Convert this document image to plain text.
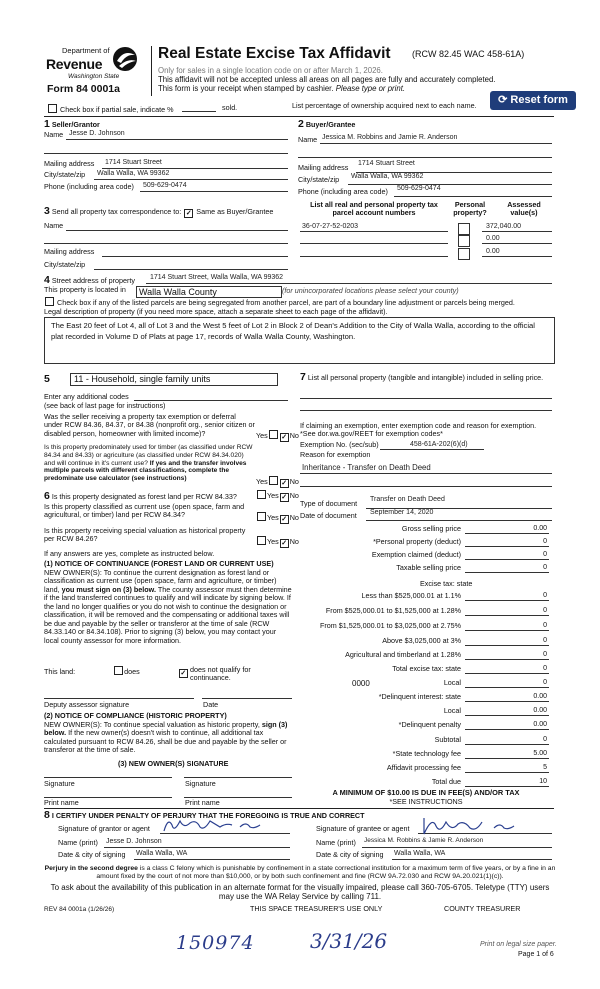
Department of
Revenue
Washington State
Form 84 0001a
Real Estate Excise Tax Affidavit (RCW 82.45 WAC 458-61A)
Only for sales in a single location code on or after March 1, 2026.
This affidavit will not be accepted unless all areas on all pages are fully and accurately completed.
This form is your receipt when stamped by cashier. Please type or print.
Check box if partial sale, indicate %	sold.	List percentage of ownership acquired next to each name.	⟳ Reset form
1 Seller/Grantor
Name Jesse D. Johnson
Mailing address 1714 Stuart Street
City/state/zip Walla Walla, WA 99362
Phone (including area code) 509-629-0474
2 Buyer/Grantee
Name Jessica M. Robbins and Jamie R. Anderson
Mailing address 1714 Stuart Street
City/state/zip Walla Walla, WA 99362
Phone (including area code) 509-629-0474
3 Send all property tax correspondence to: ✓ Same as Buyer/Grantee
Name
Mailing address
City/state/zip
List all real and personal property tax parcel account numbers
Personal property?
Assessed value(s)
36-07-27-52-0203	372,040.00
0.00
0.00
4 Street address of property 1714 Stuart Street, Walla Walla, WA 99362
This property is located in	Walla Walla County	(for unincorporated locations please select your county)
Check box if any of the listed parcels are being segregated from another parcel, are part of a boundary line adjustment or parcels being merged.
Legal description of property (if you need more space, attach a separate sheet to each page of the affidavit).
The East 20 feet of Lot 4, all of Lot 3 and the West 5 feet of Lot 2 in Block 2 of Dean's Addition to the City of Walla Walla, according to the official plat recorded in Volume D of Plats at page 17, records of Walla Walla County, Washington.
5	11 - Household, single family units
Enter any additional codes
(see back of last page for instructions)
Was the seller receiving a property tax exemption or deferral under RCW 84.36, 84.37, or 84.38 (nonprofit org., senior citizen or disabled person, homeowner with limited income)?	Yes ✓	No
Is this property predominately used for timber (as classified under RCW 84.34 and 84.33) or agriculture (as classified under RCW 84.34.020) and will continue in it's current use? If yes and the transfer involves multiple parcels with different classifications, complete the predominate use calculator (see instructions)	Yes ✓	No
6 Is this property designated as forest land per RCW 84.33?	Yes ✓ No
Is this property classified as current use (open space, farm and agricultural, or timber) land per RCW 84.34?	Yes ✓ No
Is this property receiving special valuation as historical property per RCW 84.26?	Yes ✓ No
If any answers are yes, complete as instructed below.
(1) NOTICE OF CONTINUANCE (FOREST LAND OR CURRENT USE)
NEW OWNER(S): To continue the current designation as forest land or classification as current use (open space, farm and agriculture, or timber) land, you must sign on (3) below. The county assessor must then determine if the land transferred continues to qualify and will indicate by signing below. If the land no longer qualifies or you do not wish to continue the designation or classification, it will be removed and the compensating or additional taxes will be due and payable by the seller or transferor at the time of sale (RCW 84.33.140 or 84.34.108). Prior to signing (3) below, you may contact your local county assessor for more information.
This land:	does ✓	does not qualify for continuance.
Deputy assessor signature	Date
(2) NOTICE OF COMPLIANCE (HISTORIC PROPERTY)
NEW OWNER(S): To continue special valuation as historic property, sign (3) below. If the new owner(s) doesn't wish to continue, all additional tax calculated pursuant to RCW 84.26, shall be due and payable by the seller or transferor at the time of sale.
(3) NEW OWNER(S) SIGNATURE
Signature	Signature
Print name	Print name
7 List all personal property (tangible and intangible) included in selling price.
If claiming an exemption, enter exemption code and reason for exemption. *See dor.wa.gov/REET for exemption codes*
Exemption No. (sec/sub)	458-61A-202(6)(d)
Reason for exemption
Inheritance - Transfer on Death Deed
Type of document Transfer on Death Deed
Date of document September 14, 2020
Gross selling price	0.00
*Personal property (deduct)	0
Exemption claimed (deduct)	0
Taxable selling price	0
Excise tax: state
Less than $525,000.01 at 1.1%	0
From $525,000.01 to $1,525,000 at 1.28%	0
From $1,525,000.01 to $3,025,000 at 2.75%	0
Above $3,025,000 at 3%	0
Agricultural and timberland at 1.28%	0
Total excise tax: state	0
0000	Local	0
*Delinquent interest: state	0.00
Local	0.00
*Delinquent penalty	0.00
Subtotal	0
*State technology fee	5.00
Affidavit processing fee	5
Total due	10
A MINIMUM OF $10.00 IS DUE IN FEE(S) AND/OR TAX
*SEE INSTRUCTIONS
8 I CERTIFY UNDER PENALTY OF PERJURY THAT THE FOREGOING IS TRUE AND CORRECT
Signature of grantor or agent
Name (print) Jesse D. Johnson
Date & city of signing Walla Walla, WA
Signature of grantee or agent
Name (print) Jessica M. Robbins & Jamie R. Anderson
Date & city of signing Walla Walla, WA
Perjury in the second degree is a class C felony which is punishable by confinement in a state correctional institution for a maximum term of five years, or by a fine in an amount fixed by the court of not more than $10,000, or by both such confinement and fine (RCW 9A.72.030 and RCW 9A.20.021(1)(c)).
To ask about the availability of this publication in an alternate format for the visually impaired, please call 360-705-6705. Teletype (TTY) users may use the WA Relay Service by calling 711.
REV 84 0001a (1/26/26)	THIS SPACE TREASURER'S USE ONLY	COUNTY TREASURER
150974	3/31/26	Print on legal size paper.
Page 1 of 6
